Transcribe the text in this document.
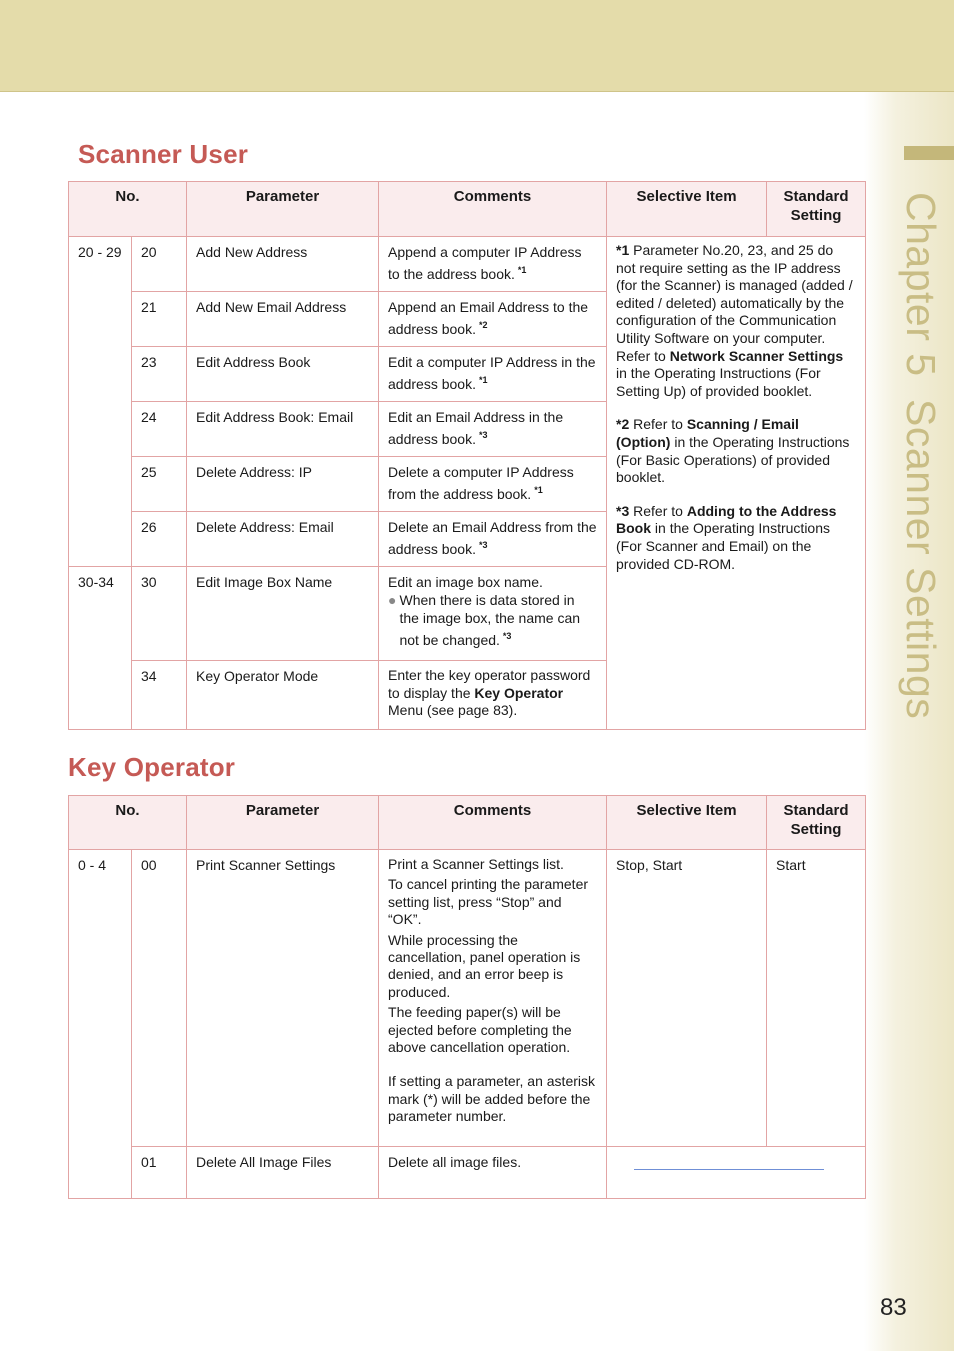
Chapter 5Scanner Settings
Scanner User
No.		Parameter	Comments	Selective Item	Standard Setting	
20 - 29	20	Add New Address	Append a computer IP Address to the address book. $^{*1}$	*1 Parameter No.20, 23, and 25 do not require setting as the IP address (for the Scanner) is managed (added / edited / deleted) automatically by the configuration of the Communication Utility Software on your computer. Refer to Network Scanner Settings in the Operating Instructions (For Setting Up) of provided booklet.
*2 Refer to Scanning / Email (Option) in the Operating Instructions (For Basic Operations) of provided booklet.
*3 Refer to Adding to the Address Book in the Operating Instructions (For Scanner and Email) on the provided CD-ROM.		

	21	Add New Email Address	Append an Email Address to the address book. $^{*2}$
	23	Edit Address Book	Edit a computer IP Address in the address book. $^{*1}$
	24	Edit Address Book: Email	Edit an Email Address in the address book. $^{*3}$
	25	Delete Address: IP	Delete a computer IP Address from the address book. $^{*1}$
	26	Delete Address: Email	Delete an Email Address from the address book. $^{*3}$
30-34	30	Edit Image Box Name	Edit an image box name.
● When there is data stored in the image box, the name can not be changed. $^{*3}$

	34	Key Operator Mode	Enter the key operator password to display the Key Operator Menu (see page 83).	

Key Operator
No.		Parameter	Comments	Selective Item	Standard Setting
0 - 4	00	Print Scanner Settings	Print a Scanner Settings list.
To cancel printing the parameter setting list, press “Stop” and “OK”.
While processing the cancellation, panel operation is denied, and an error beep is produced.
The feeding paper(s) will be ejected before completing the above cancellation operation.
If setting a parameter, an asterisk mark (*) will be added before the parameter number.	Stop, Start	Start
	01	Delete All Image Files	Delete all image files.		
83
